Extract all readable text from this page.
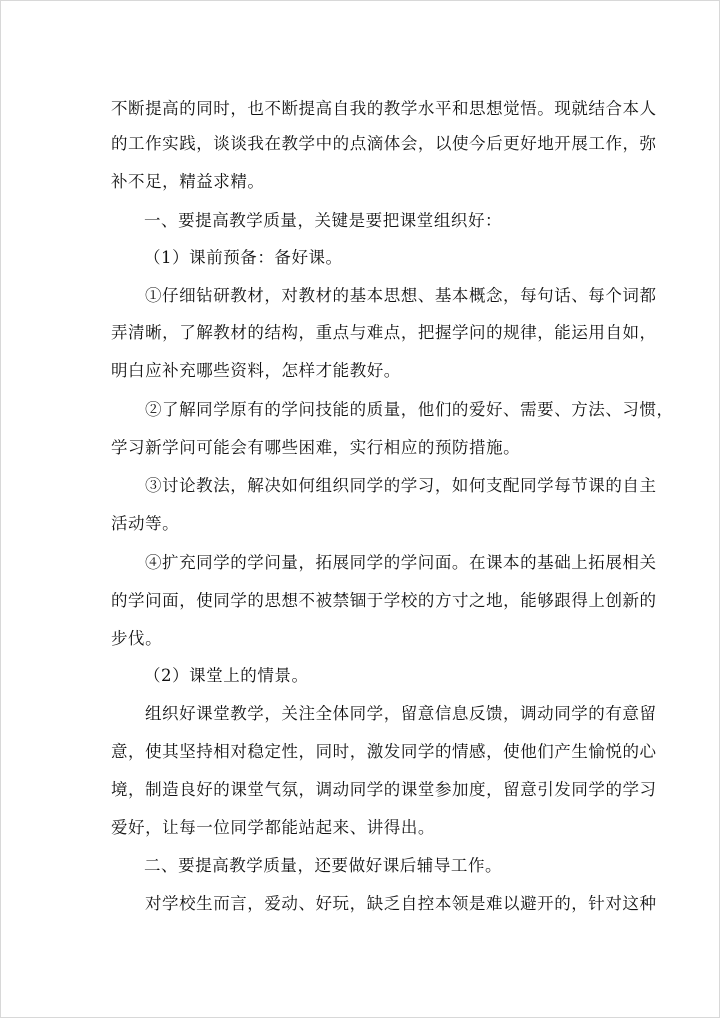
不断提高的同时，也不断提高自我的教学水平和思想觉悟。现就结合本人
的工作实践，谈谈我在教学中的点滴体会，以使今后更好地开展工作，弥
补不足，精益求精。
一、要提高教学质量，关键是要把课堂组织好：
（1）课前预备：备好课。
①仔细钻研教材，对教材的基本思想、基本概念，每句话、每个词都
弄清晰，了解教材的结构，重点与难点，把握学问的规律，能运用自如，
明白应补充哪些资料，怎样才能教好。
②了解同学原有的学问技能的质量，他们的爱好、需要、方法、习惯，
学习新学问可能会有哪些困难，实行相应的预防措施。
③讨论教法，解决如何组织同学的学习，如何支配同学每节课的自主
活动等。
④扩充同学的学问量，拓展同学的学问面。在课本的基础上拓展相关
的学问面，使同学的思想不被禁锢于学校的方寸之地，能够跟得上创新的
步伐。
（2）课堂上的情景。
组织好课堂教学，关注全体同学，留意信息反馈，调动同学的有意留
意，使其坚持相对稳定性，同时，激发同学的情感，使他们产生愉悦的心
境，制造良好的课堂气氛，调动同学的课堂参加度，留意引发同学的学习
爱好，让每一位同学都能站起来、讲得出。
二、要提高教学质量，还要做好课后辅导工作。
对学校生而言，爱动、好玩，缺乏自控本领是难以避开的，针对这种
